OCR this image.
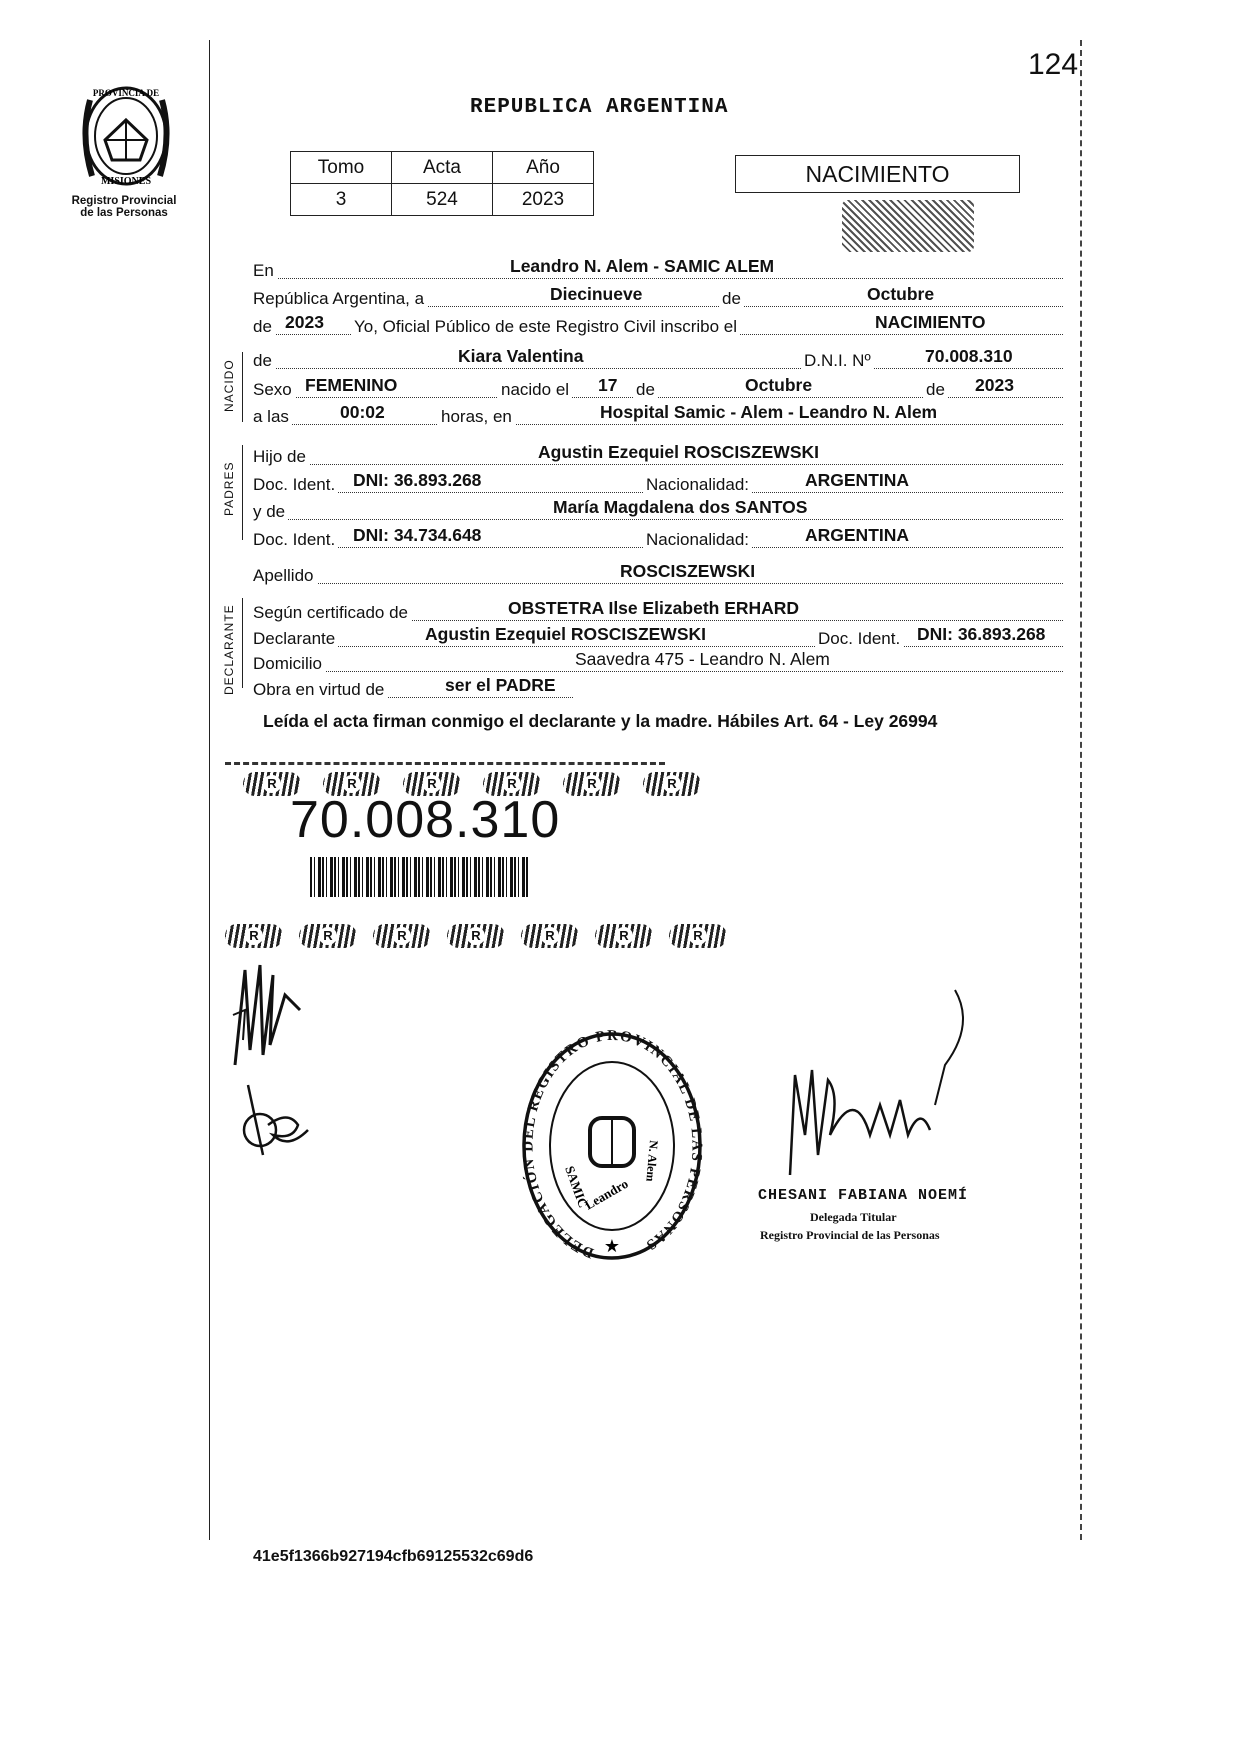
124
PROVINCIA DE
MISIONES
Registro Provincial
de las Personas
REPUBLICA ARGENTINA
Tomo	Acta	Año
3	524	2023
NACIMIENTO
En	Leandro N. Alem - SAMIC ALEM
República Argentina, a	Diecinueve	de	Octubre
de 2023 Yo, Oficial Público de este Registro Civil inscribo el	NACIMIENTO
de	Kiara Valentina	D.N.I. Nº	70.008.310
Sexo FEMENINO	nacido el 17 de	Octubre	de 2023
a las	00:02	horas, en	Hospital Samic - Alem - Leandro N. Alem
Hijo de	Agustin Ezequiel ROSCISZEWSKI
Doc. Ident. DNI: 36.893.268	Nacionalidad:	ARGENTINA
y de	María Magdalena dos SANTOS
Doc. Ident. DNI: 34.734.648	Nacionalidad:	ARGENTINA
Apellido	ROSCISZEWSKI
Según certificado de	OBSTETRA Ilse Elizabeth ERHARD
Declarante	Agustin Ezequiel ROSCISZEWSKI	Doc. Ident. DNI: 36.893.268
Domicilio	Saavedra 475 - Leandro N. Alem
Obra en virtud de	ser el PADRE
NACIDO
PADRES
DECLARANTE
Leída el acta firman conmigo el declarante y la madre. Hábiles Art. 64 - Ley 26994
R	R	R	R	R	R
70.008.310
R	R	R	R	R	R	R
DELEGACIÓN DEL REGISTRO PROVINCIAL DE LAS PERSONAS
SAMIC
N. Alem
Leandro
★
CHESANI FABIANA NOEMÍ
Delegada Titular
Registro Provincial de las Personas
41e5f1366b927194cfb69125532c69d6
